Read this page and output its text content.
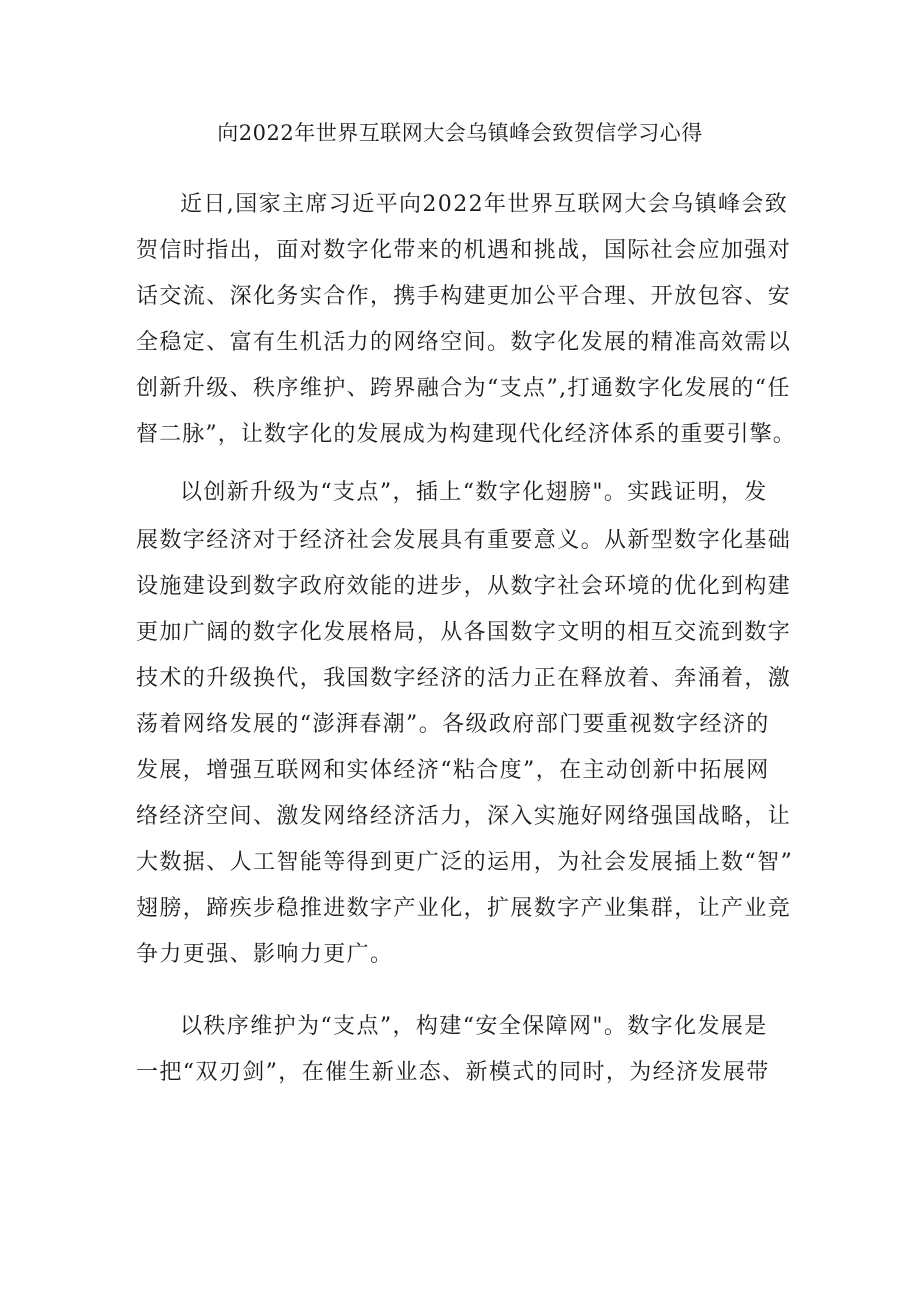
向2022年世界互联网大会乌镇峰会致贺信学习心得

近日,国家主席习近平向2022年世界互联网大会乌镇峰会致

贺信时指出，面对数字化带来的机遇和挑战，国际社会应加强对

话交流、深化务实合作，携手构建更加公平合理、开放包容、安

全稳定、富有生机活力的网络空间。数字化发展的精准高效需以

创新升级、秩序维护、跨界融合为“支点”,打通数字化发展的“任

督二脉”，让数字化的发展成为构建现代化经济体系的重要引擎。

以创新升级为“支点”，插上“数字化翅膀"。实践证明，发

展数字经济对于经济社会发展具有重要意义。从新型数字化基础

设施建设到数字政府效能的进步，从数字社会环境的优化到构建

更加广阔的数字化发展格局，从各国数字文明的相互交流到数字

技术的升级换代，我国数字经济的活力正在释放着、奔涌着，激

荡着网络发展的“澎湃春潮”。各级政府部门要重视数字经济的

发展，增强互联网和实体经济“粘合度”，在主动创新中拓展网

络经济空间、激发网络经济活力，深入实施好网络强国战略，让

大数据、人工智能等得到更广泛的运用，为社会发展插上数“智”

翅膀，蹄疾步稳推进数字产业化，扩展数字产业集群，让产业竞

争力更强、影响力更广。

以秩序维护为“支点”，构建“安全保障网"。数字化发展是

一把“双刃剑”，在催生新业态、新模式的同时，为经济发展带
